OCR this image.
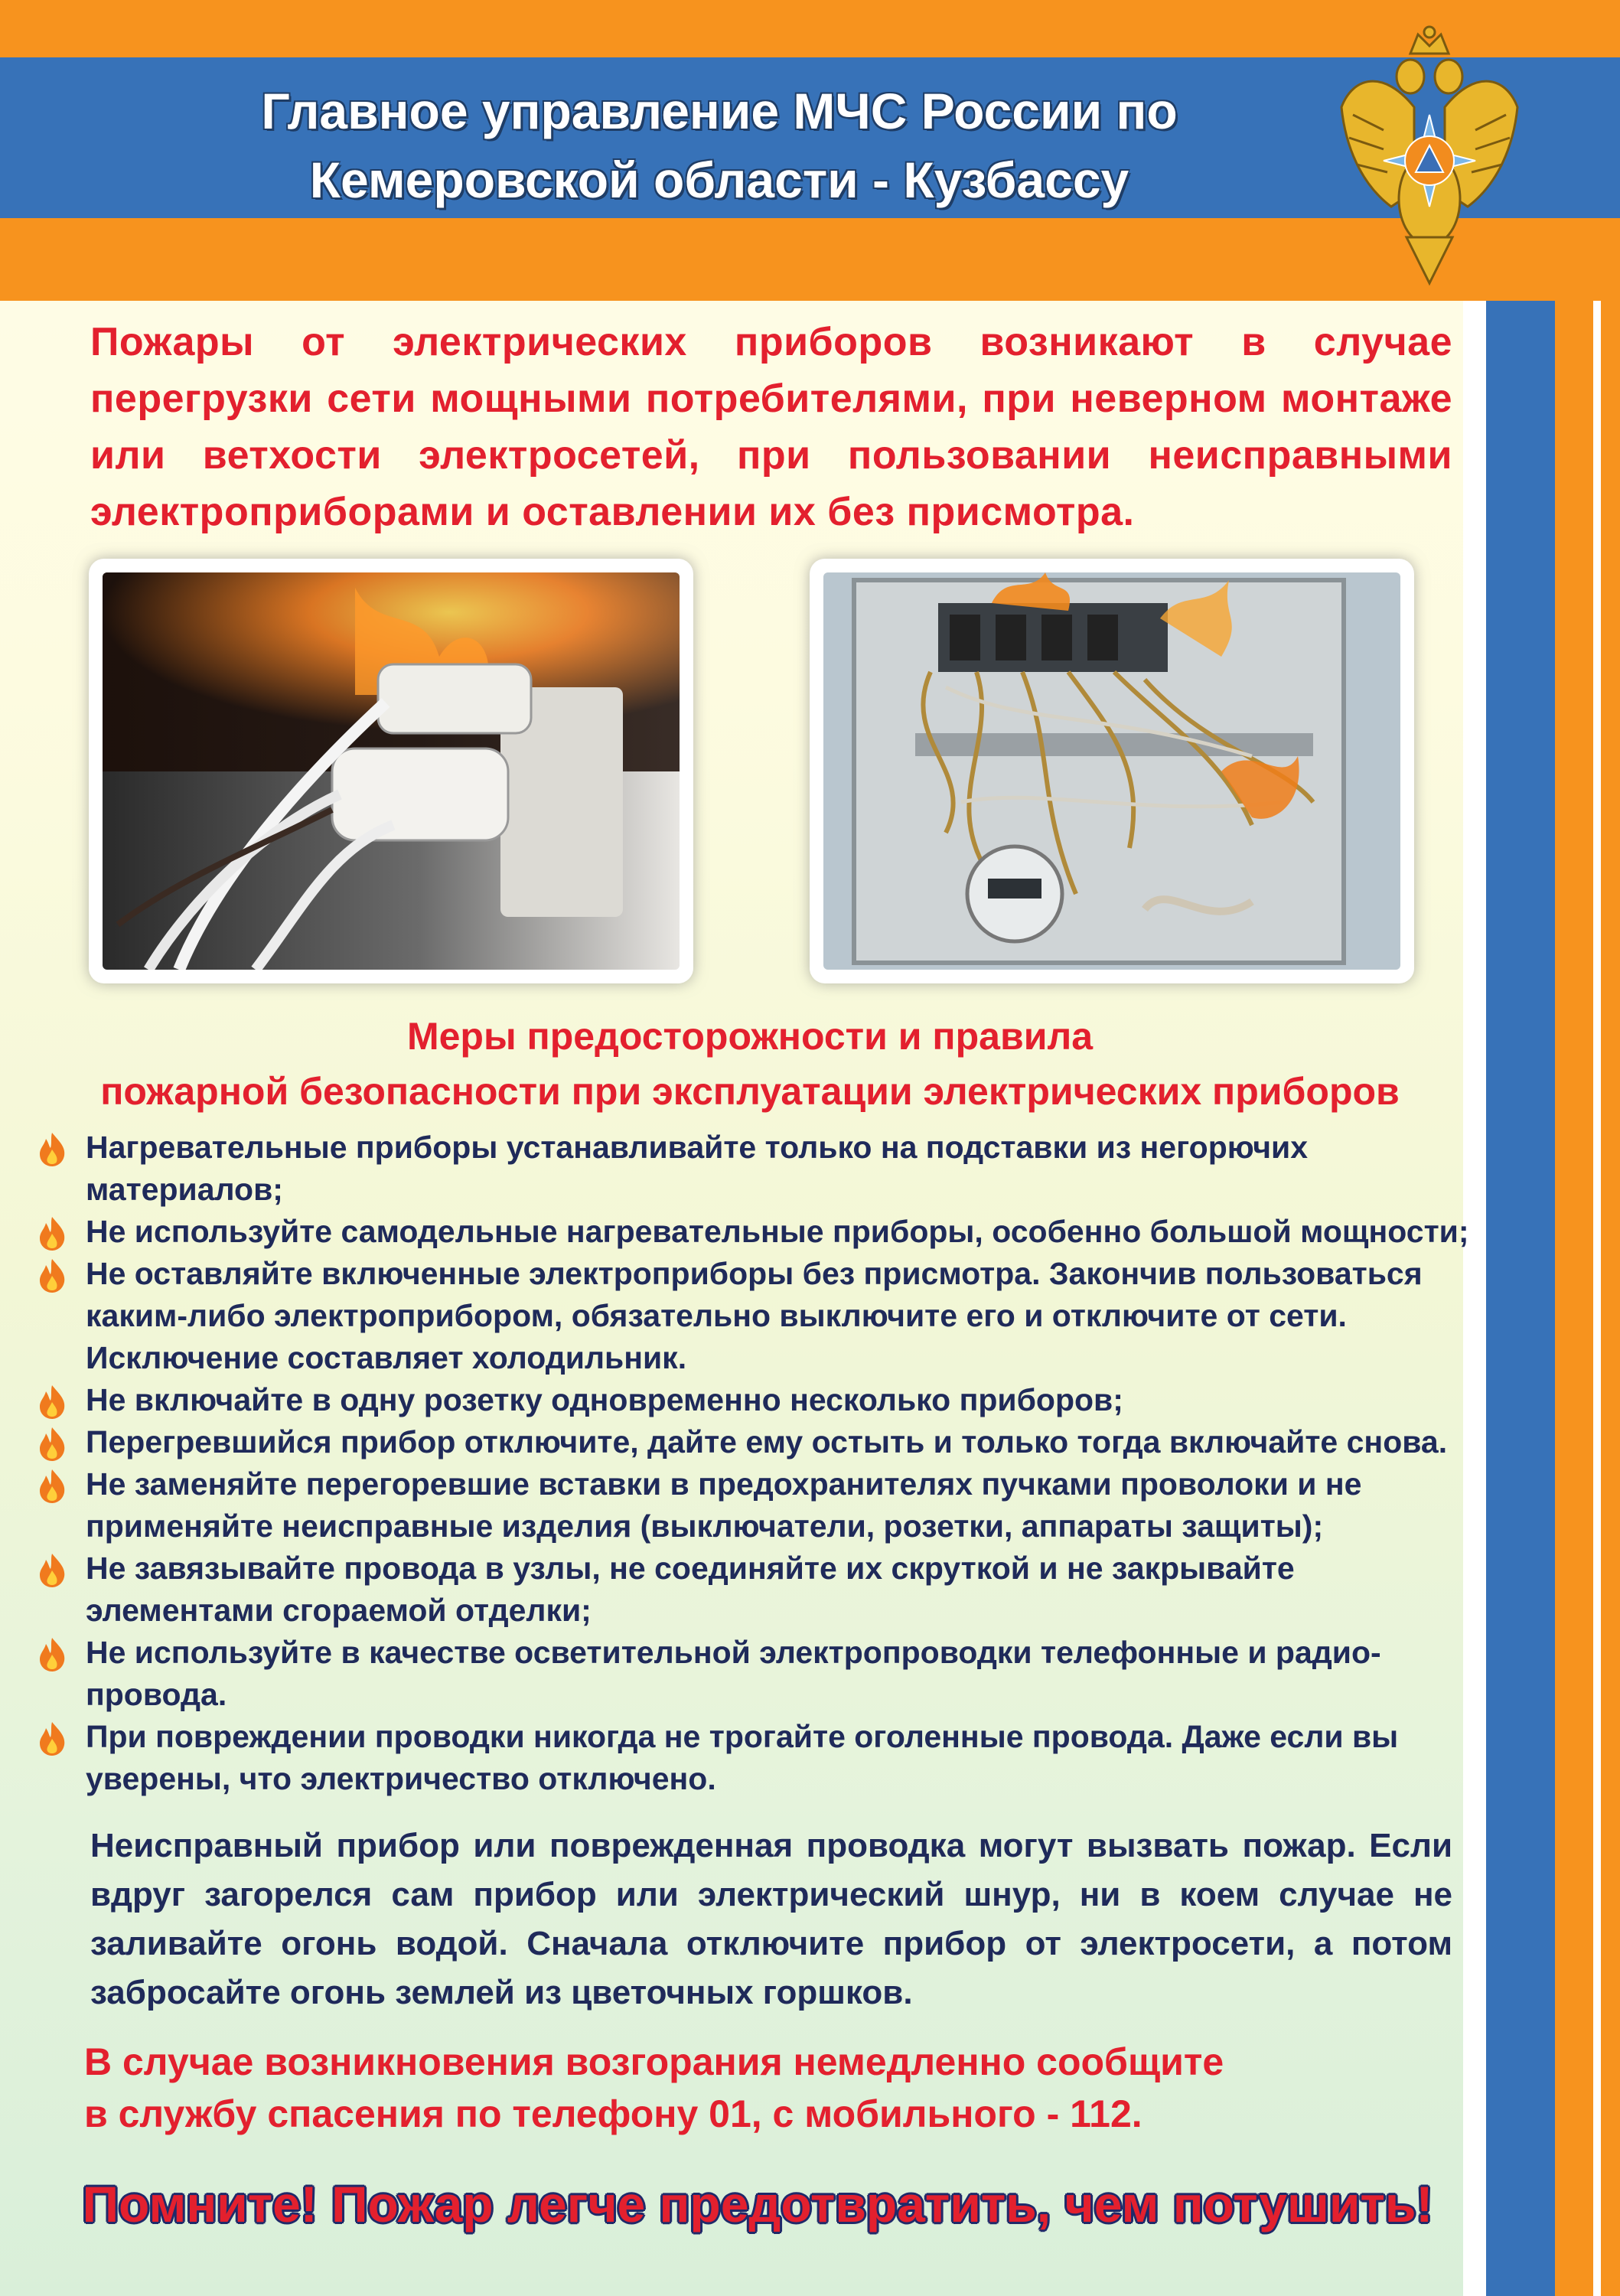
Главное управление МЧС России по
Кемеровской области - Кузбассу
Пожары от электрических приборов возникают в случае перегрузки сети мощными потребителями, при неверном монтаже или ветхости электросетей, при пользовании неисправными электроприборами и оставлении их без присмотра.
Меры предосторожности и правила
пожарной безопасности при эксплуатации электрических приборов
Нагревательные приборы устанавливайте только на подставки из негорючих материалов;
Не используйте самодельные нагревательные приборы, особенно большой мощности;
Не оставляйте включенные электроприборы без присмотра. Закончив пользоваться каким-либо электроприбором, обязательно выключите его и отключите от сети. Исключение составляет холодильник.
Не включайте в одну розетку одновременно несколько приборов;
Перегревшийся прибор отключите, дайте ему остыть и только тогда включайте снова.
Не заменяйте перегоревшие вставки в предохранителях пучками проволоки и не применяйте неисправные изделия (выключатели, розетки, аппараты защиты);
Не завязывайте провода в узлы, не соединяйте их скруткой и не закрывайте элементами сгораемой отделки;
Не используйте в качестве осветительной электропроводки телефонные и радио-провода.
При повреждении проводки никогда не трогайте оголенные провода. Даже если вы уверены, что электричество отключено.
Неисправный прибор или поврежденная проводка могут вызвать пожар. Если вдруг загорелся сам прибор или электрический шнур, ни в коем случае не заливайте огонь водой. Сначала отключите прибор от электросети, а потом забросайте огонь землей из цветочных горшков.
В случае возникновения возгорания немедленно сообщите
в службу спасения по телефону 01, с мобильного - 112.
Помните! Пожар легче предотвратить, чем потушить!
